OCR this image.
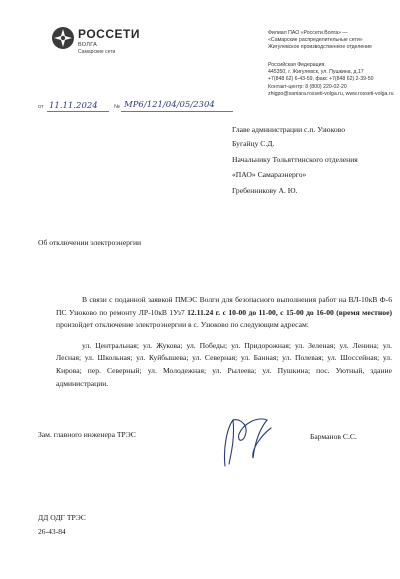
РОССЕТИ
ВОЛГА
Самарские сети
Филиал ПАО «Россети Волга» —
«Самарские распределительные сети»
Жигулевское производственное отделение
Российская Федерация,
445350, г. Жигулевск, ул. Пушкина, д.17
+7(848 62) 6-43-59, факс +7(848 62) 2-39-50
Контакт-центр: 8 (800) 220-02-20
zhigpo@samara.rosseti-volga.ru, www.rosseti-volga.ru
от 11.11.2024	№ МР6/121/04/05/2304
Главе администрации с.п. Узюково
Бугайцу С.Д.
Начальнику Тольяттинского отделения
«ПАО» Самараэнерго»
Гребенникову А. Ю.
Об отключении электроэнергии

В связи с поданной заявкой ПМЭС Волги для безопасного выполнения работ на ВЛ-10кВ Ф-6 ПС Узюково по ремонту ЛР-10кВ 1Уз7 12.11.24 г. с 10-00 до 11-00, с 15-00 до 16-00 (время местное) произойдет отключение электроэнергии в с. Узюково по следующим адресам:

ул. Центральная; ул. Жукова; ул. Победы; ул. Придорожная; ул. Зеленая; ул. Ленина; ул. Лесная; ул. Школьная; ул. Куйбышева; ул. Северная; ул. Банная; ул. Полевая; ул. Шоссейная; ул. Кирова; пер. Северный; ул. Молодежная; ул. Рылеева; ул. Пушкина; пос. Уютный, здание администрации.

Зам. главного инженера ТРЭС	Барманов С.С.
ДД ОДГ ТРЭС
26-43-84
